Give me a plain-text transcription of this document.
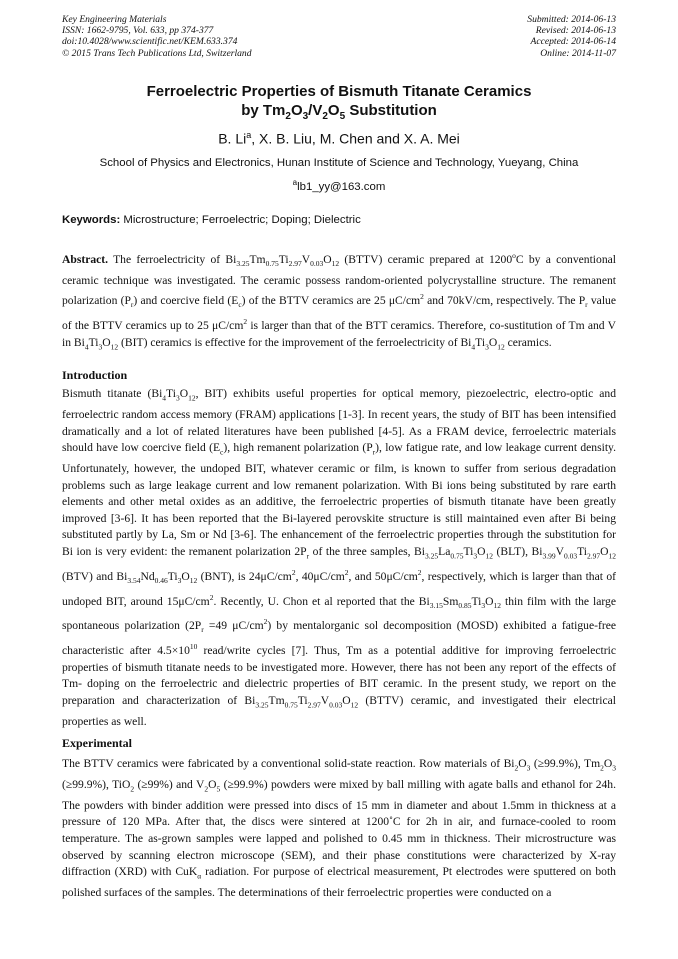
Key Engineering Materials
ISSN: 1662-9795, Vol. 633, pp 374-377
doi:10.4028/www.scientific.net/KEM.633.374
© 2015 Trans Tech Publications Ltd, Switzerland
Submitted: 2014-06-13
Revised: 2014-06-13
Accepted: 2014-06-14
Online: 2014-11-07
Ferroelectric Properties of Bismuth Titanate Ceramics
by $Tm_2O_3/V_2O_5$ Substitution
B. Li$^a$, X. B. Liu, M. Chen and X. A. Mei
School of Physics and Electronics, Hunan Institute of Science and Technology, Yueyang, China
$^a$lb1_yy@163.com
Keywords: Microstructure; Ferroelectric; Doping; Dielectric

Abstract. The ferroelectricity of $Bi_{3.25}Tm_{0.75}Ti_{2.97}V_{0.03}O_{12}$ (BTTV) ceramic prepared at 1200$^o$C by a conventional ceramic technique was investigated. The ceramic possess random-oriented polycrystalline structure. The remanent polarization $(P_r)$ and coercive field $(E_c)$ of the BTTV ceramics are 25 $\mu C/cm^2$ and 70kV/cm, respectively. The $P_r$ value of the BTTV ceramics up to 25 $\mu C/cm^2$ is larger than that of the BTT ceramics. Therefore, co-sustitution of Tm and V in $Bi_4Ti_3O_{12}$ (BIT) ceramics is effective for the improvement of the ferroelectricity of $Bi_4Ti_3O_{12}$ ceramics.

Introduction

Bismuth titanate ($Bi_4Ti_3O_{12}$, BIT) exhibits useful properties for optical memory, piezoelectric, electro-optic and ferroelectric random access memory (FRAM) applications [1-3]. In recent years, the study of BIT has been intensified dramatically and a lot of related literatures have been published [4-5]. As a FRAM device, ferroelectric materials should have low coercive field $(E_c)$, high remanent polarization $(P_r)$, low fatigue rate, and low leakage current density. Unfortunately, however, the undoped BIT, whatever ceramic or film, is known to suffer from serious degradation problems such as large leakage current and low remanent polarization. With Bi ions being substituted by rare earth elements and other metal oxides as an additive, the ferroelectric properties of bismuth titanate have been greatly improved [3-6]. It has been reported that the Bi-layered perovskite structure is still maintained even after Bi being substituted partly by La, Sm or Nd [3-6]. The enhancement of the ferroelectric properties through the substitution for Bi ion is very evident: the remanent polarization $2P_r$ of the three samples, $Bi_{3.25}La_{0.75}Ti_3O_{12}$ (BLT), $Bi_{3.99}V_{0.03}Ti_{2.97}O_{12}$ (BTV) and $Bi_{3.54}Nd_{0.46}Ti_3O_{12}$ (BNT), is $24\mu C/cm^2$, $40\mu C/cm^2$, and $50\mu C/cm^2$, respectively, which is larger than that of undoped BIT, around $15\mu C/cm^2$. Recently, U. Chon et al reported that the $Bi_{3.15}Sm_{0.85}Ti_3O_{12}$ thin film with the large spontaneous polarization ($2P_r =49$ $\mu C/cm^2$) by mentalorganic sol decomposition (MOSD) exhibited a fatigue-free characteristic after $4.5\times 10^{10}$ read/write cycles [7]. Thus, Tm as a potential additive for improving ferroelectric properties of bismuth titanate needs to be investigated more. However, there has not been any report of the effects of Tm- doping on the ferroelectric and dielectric properties of BIT ceramic. In the present study, we report on the preparation and characterization of $Bi_{3.25}Tm_{0.75}Ti_{2.97}V_{0.03}O_{12}$ (BTTV) ceramic, and investigated their electrical properties as well.

Experimental

The BTTV ceramics were fabricated by a conventional solid-state reaction. Row materials of $Bi_2O_3$ (≥99.9%), $Tm_2O_3$ (≥99.9%), TiO$_2$ (≥99%) and $V_2O_5$ (≥99.9%) powders were mixed by ball milling with agate balls and ethanol for 24h. The powders with binder addition were pressed into discs of 15 mm in diameter and about 1.5mm in thickness at a pressure of 120 MPa. After that, the discs were sintered at 1200˚C for 2h in air, and furnace-cooled to room temperature. The as-grown samples were lapped and polished to 0.45 mm in thickness. Their microstructure was observed by scanning electron microscope (SEM), and their phase constitutions were characterized by X-ray diffraction (XRD) with CuK$_\alpha$ radiation. For purpose of electrical measurement, Pt electrodes were sputtered on both polished surfaces of the samples. The determinations of their ferroelectric properties were conducted on a
